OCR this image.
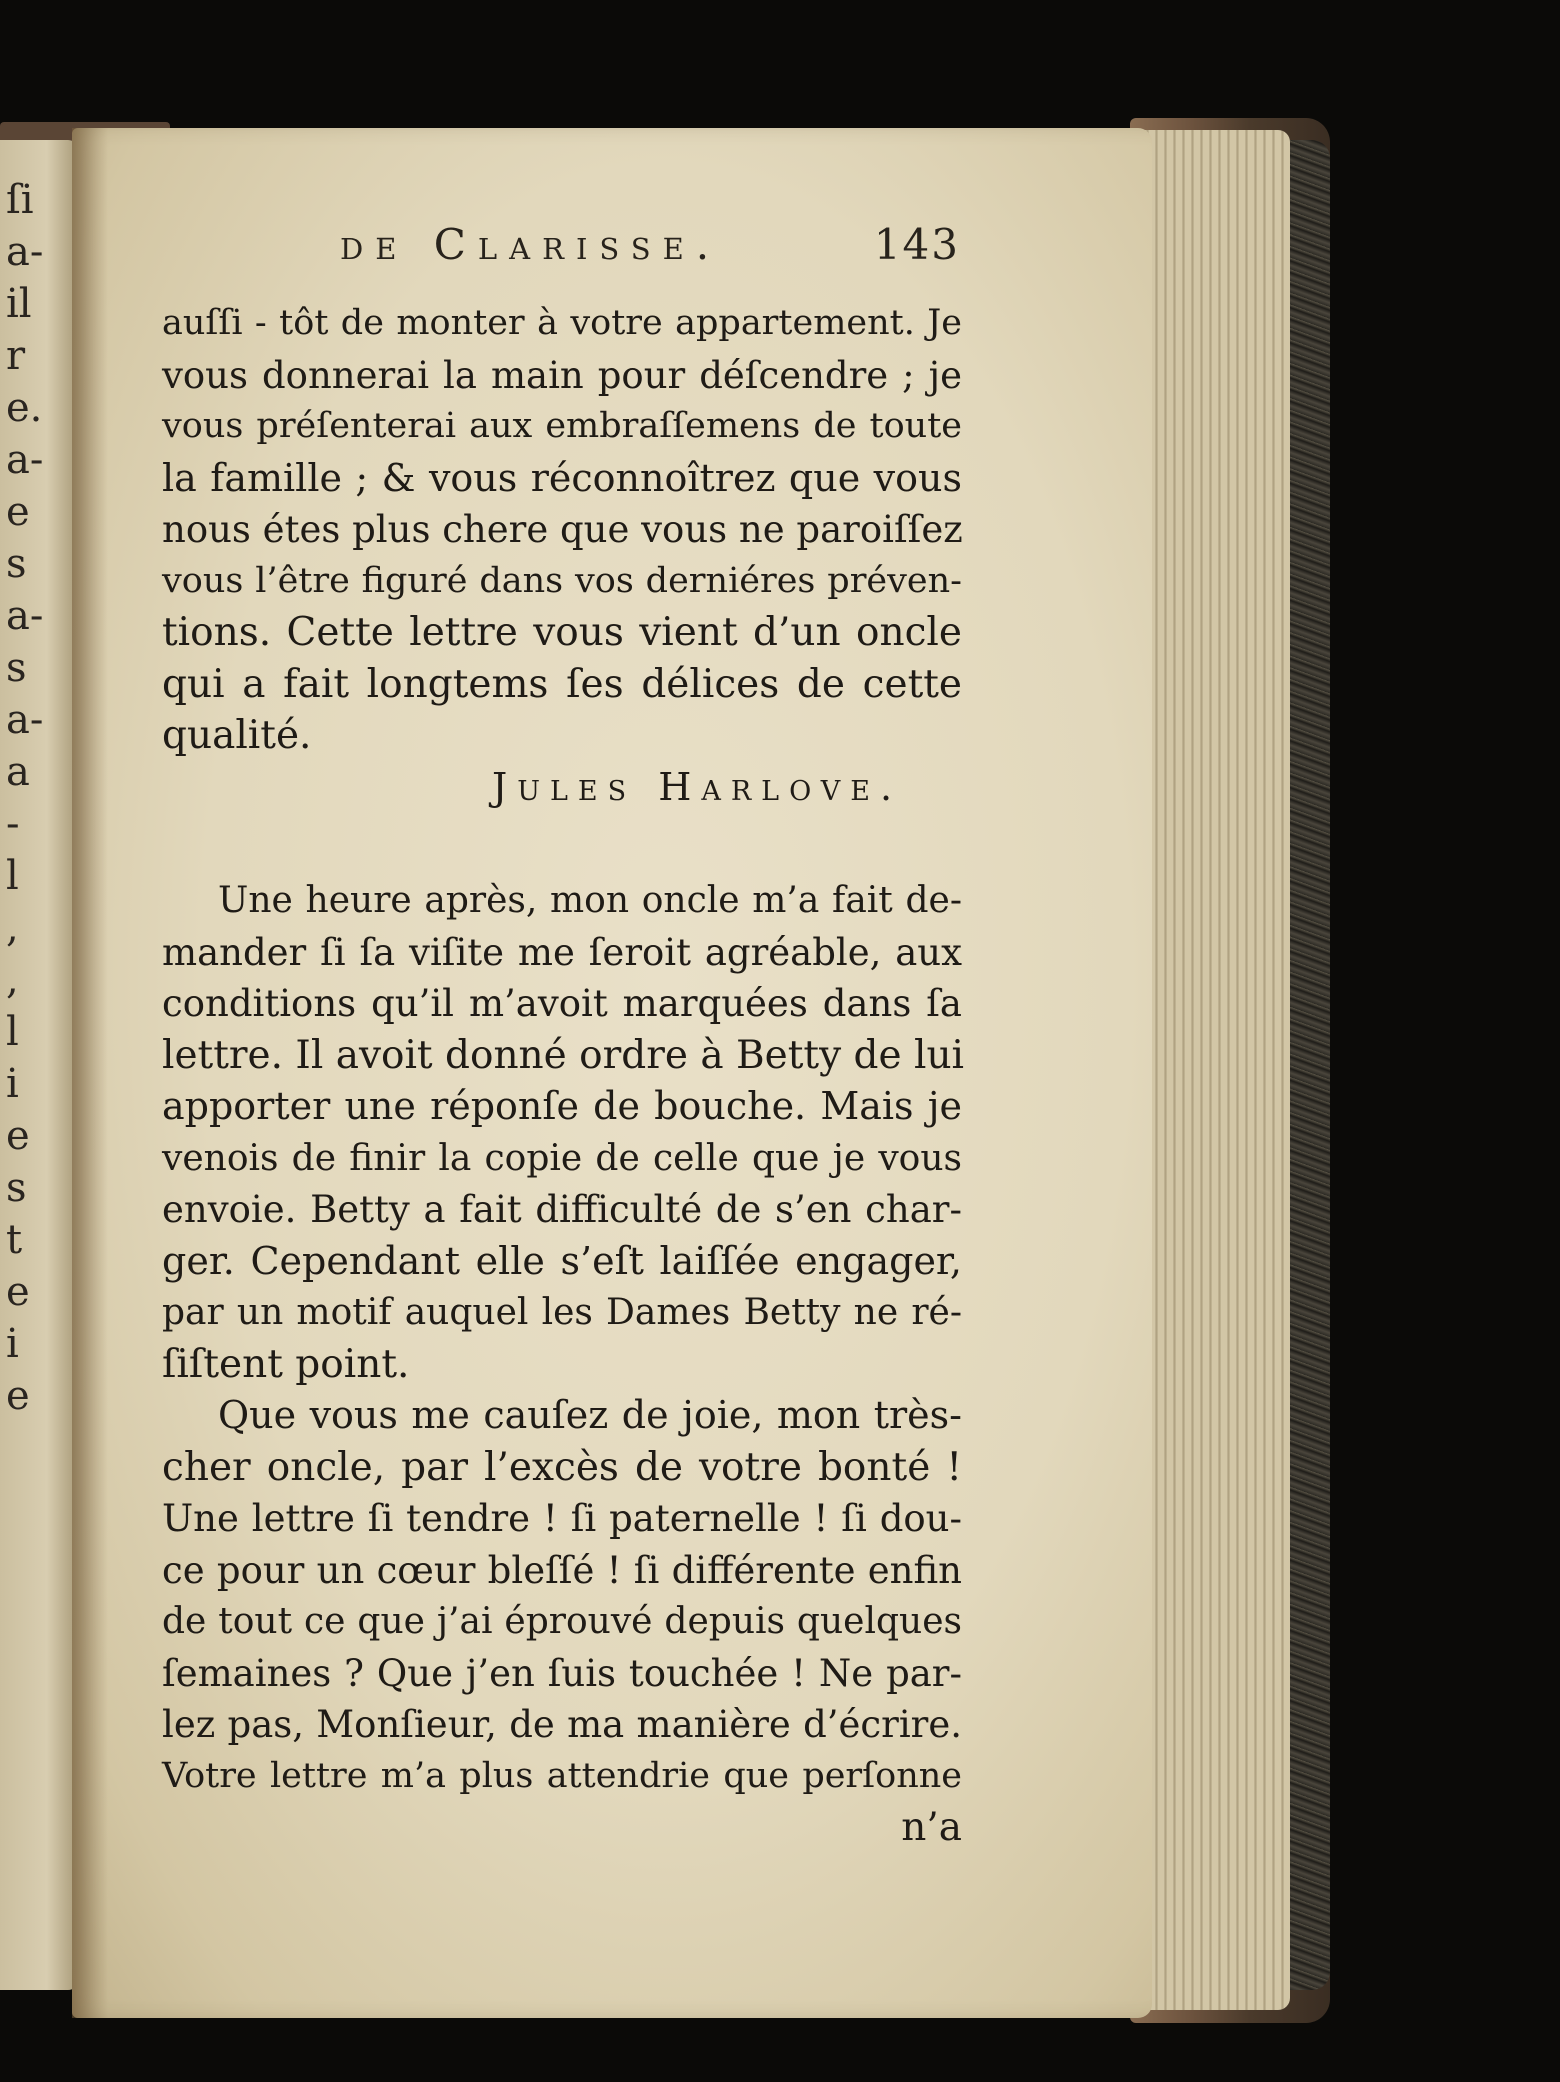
ſi
a-
il
r
e.
a-
e
s
a-
s
a-
a
-
l
,
,
l
i
e
s
t
e
i
e
de Clarisse.	143
auſſi - tôt de monter à votre appartement. Je
vous donnerai la main pour déſcendre ; je
vous préſenterai aux embraſſemens de toute
la famille ; & vous réconnoîtrez que vous
nous étes plus chere que vous ne paroiſſez
vous l’être figuré dans vos derniéres préven-
tions. Cette lettre vous vient d’un oncle
qui a fait longtems ſes délices de cette
qualité.
Jules Harlove.
Une heure après, mon oncle m’a fait de-
mander ſi ſa viſite me ſeroit agréable, aux
conditions qu’il m’avoit marquées dans ſa
lettre. Il avoit donné ordre à Betty de lui
apporter une réponſe de bouche. Mais je
venois de finir la copie de celle que je vous
envoie. Betty a fait difficulté de s’en char-
ger. Cependant elle s’eſt laiſſée engager,
par un motif auquel les Dames Betty ne ré-
ſiſtent point.
Que vous me cauſez de joie, mon très-
cher oncle, par l’excès de votre bonté !
Une lettre ſi tendre ! ſi paternelle ! ſi dou-
ce pour un cœur bleſſé ! ſi différente enfin
de tout ce que j’ai éprouvé depuis quelques
ſemaines ? Que j’en ſuis touchée ! Ne par-
lez pas, Monſieur, de ma manière d’écrire.
Votre lettre m’a plus attendrie que perſonne
n’a
